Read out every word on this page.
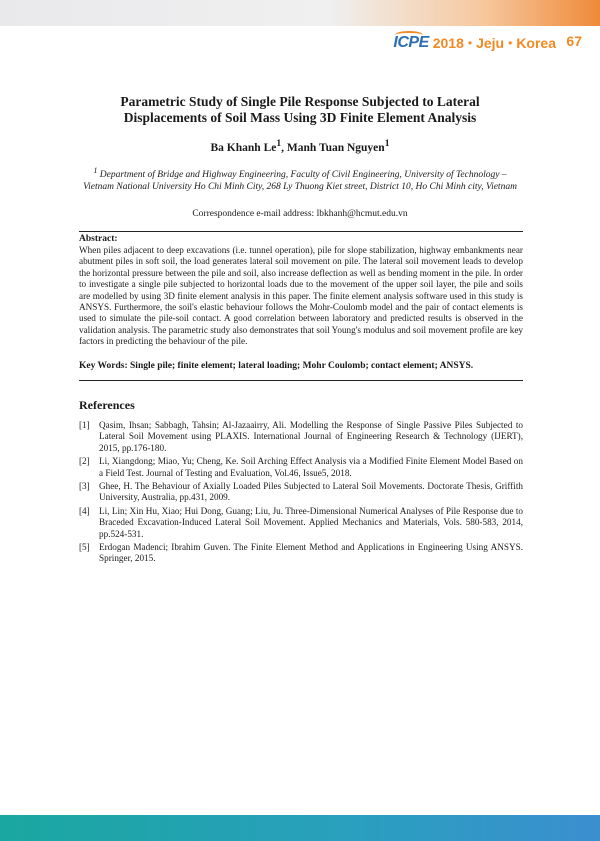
ICPE 2018 • Jeju • Korea 67
Parametric Study of Single Pile Response Subjected to Lateral
Displacements of Soil Mass Using 3D Finite Element Analysis
Ba Khanh Le$^1$, Manh Tuan Nguyen$^1$
$^1$ Department of Bridge and Highway Engineering, Faculty of Civil Engineering, University of Technology – Vietnam National University Ho Chi Minh City, 268 Ly Thuong Kiet street, District 10, Ho Chi Minh city, Vietnam
Correspondence e-mail address: lbkhanh@hcmut.edu.vn
Abstract:
When piles adjacent to deep excavations (i.e. tunnel operation), pile for slope stabilization, highway embankments near abutment piles in soft soil, the load generates lateral soil movement on pile. The lateral soil movement leads to develop the horizontal pressure between the pile and soil, also increase deflection as well as bending moment in the pile. In order to investigate a single pile subjected to horizontal loads due to the movement of the upper soil layer, the pile and soils are modelled by using 3D finite element analysis in this paper. The finite element analysis software used in this study is ANSYS. Furthermore, the soil's elastic behaviour follows the Mohr-Coulomb model and the pair of contact elements is used to simulate the pile-soil contact. A good correlation between laboratory and predicted results is observed in the validation analysis. The parametric study also demonstrates that soil Young's modulus and soil movement profile are key factors in predicting the behaviour of the pile.
Key Words: Single pile; finite element; lateral loading; Mohr Coulomb; contact element; ANSYS.
References
[1]	Qasim, Ihsan; Sabbagh, Tahsin; Al-Jazaairry, Ali. Modelling the Response of Single Passive Piles Subjected to Lateral Soil Movement using PLAXIS. International Journal of Engineering Research & Technology (IJERT), 2015, pp.176-180.
[2]	Li, Xiangdong; Miao, Yu; Cheng, Ke. Soil Arching Effect Analysis via a Modified Finite Element Model Based on a Field Test. Journal of Testing and Evaluation, Vol.46, Issue5, 2018.
[3]	Ghee, H. The Behaviour of Axially Loaded Piles Subjected to Lateral Soil Movements. Doctorate Thesis, Griffith University, Australia, pp.431, 2009.
[4]	Li, Lin; Xin Hu, Xiao; Hui Dong, Guang; Liu, Ju. Three-Dimensional Numerical Analyses of Pile Response due to Braceded Excavation-Induced Lateral Soil Movement. Applied Mechanics and Materials, Vols. 580-583, 2014, pp.524-531.
[5]	Erdogan Madenci; Ibrahim Guven. The Finite Element Method and Applications in Engineering Using ANSYS. Springer, 2015.
